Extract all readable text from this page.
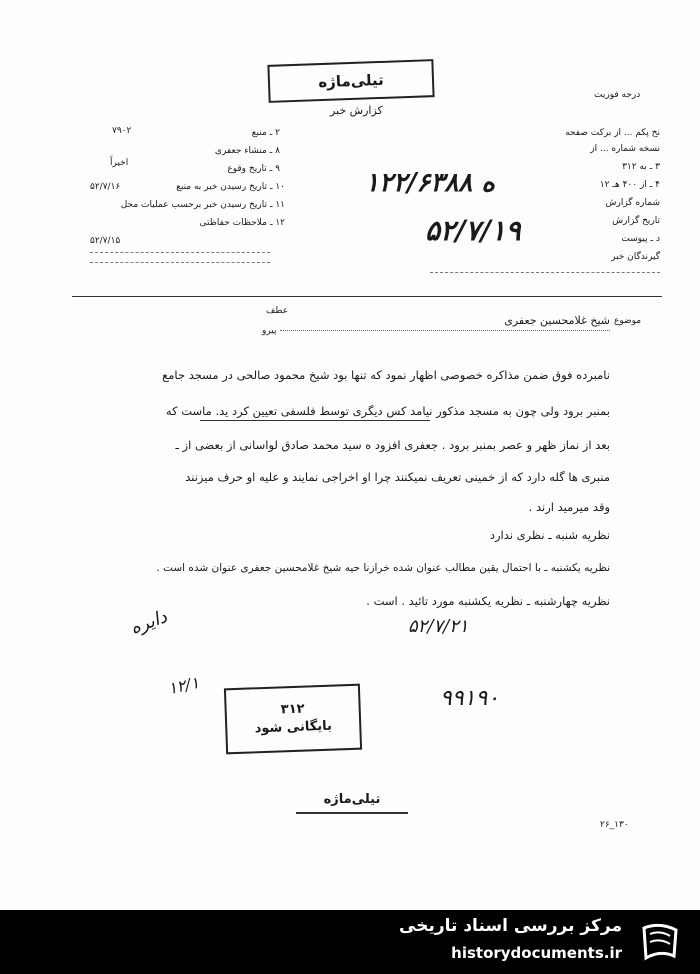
تیلی‌ماژه
کزارش خبر
درجه فوریت
۲ ـ منبع
۷۹۰۲
۸ ـ منشاء جعفری
۹ ـ تاریخ وقوع
اخیراً
۱۰ ـ تاریخ رسیدن خبر به منبع
۵۲/۷/۱۶
۱۱ ـ تاریخ رسیدن خبر برحسب عملیات محل
۱۲ ـ ملاحظات حفاظتی
۵۲/۷/۱۵
نخ پکم ... از برکت صفحه
نسخه شماره ... از
۳ ـ به ۳۱۲
۴ ـ از ۴۰۰ هـ ۱۲
شماره گزارش
تاریخ گزارش
د ـ پیوست
گیرندگان خبر
۱۲ه ۲/۶۳۸۸
۵۲/۷/۱۹
موضوع
شیخ غلامحسین جعفری
عطف
پیرو
نامبرده فوق ضمن مذاکره خصوصی اظهار نمود که تنها بود شیخ محمود صالحی در مسجد جامع
بمنبر برود ولی چون به مسجد مذکور نیامد کس دیگری توسط فلسفی تعیین کرد ید. ماست که
بعد از نماز ظهر و عصر بمنبر برود . جعفری افزود ه سید محمد صادق لواسانی از بعضی از ـ
منبری ها گله دارد که از خمینی تعریف نمیکنند چرا او اخراجی نمایند و علیه او حرف میزنند
وقد میرمید ارند .
نظریه شنبه ـ نظری ندارد
نظریه یکشنبه ـ با احتمال یقین مطالب عنوان شده خرازنا حیه شیخ غلامحسین جعفری عنوان شده است .
نظریه چهارشنبه ـ نظریه یکشنبه مورد تائید . است .
۵۲/۷/۲۱
دایره
۹۹۱۹۰
۱۲/۱
۳۱۲
بایگانی شود
تیلی‌ماژه
۲۶_۱۳۰
مرکز بررسی اسناد تاریخی
historydocuments.ir
